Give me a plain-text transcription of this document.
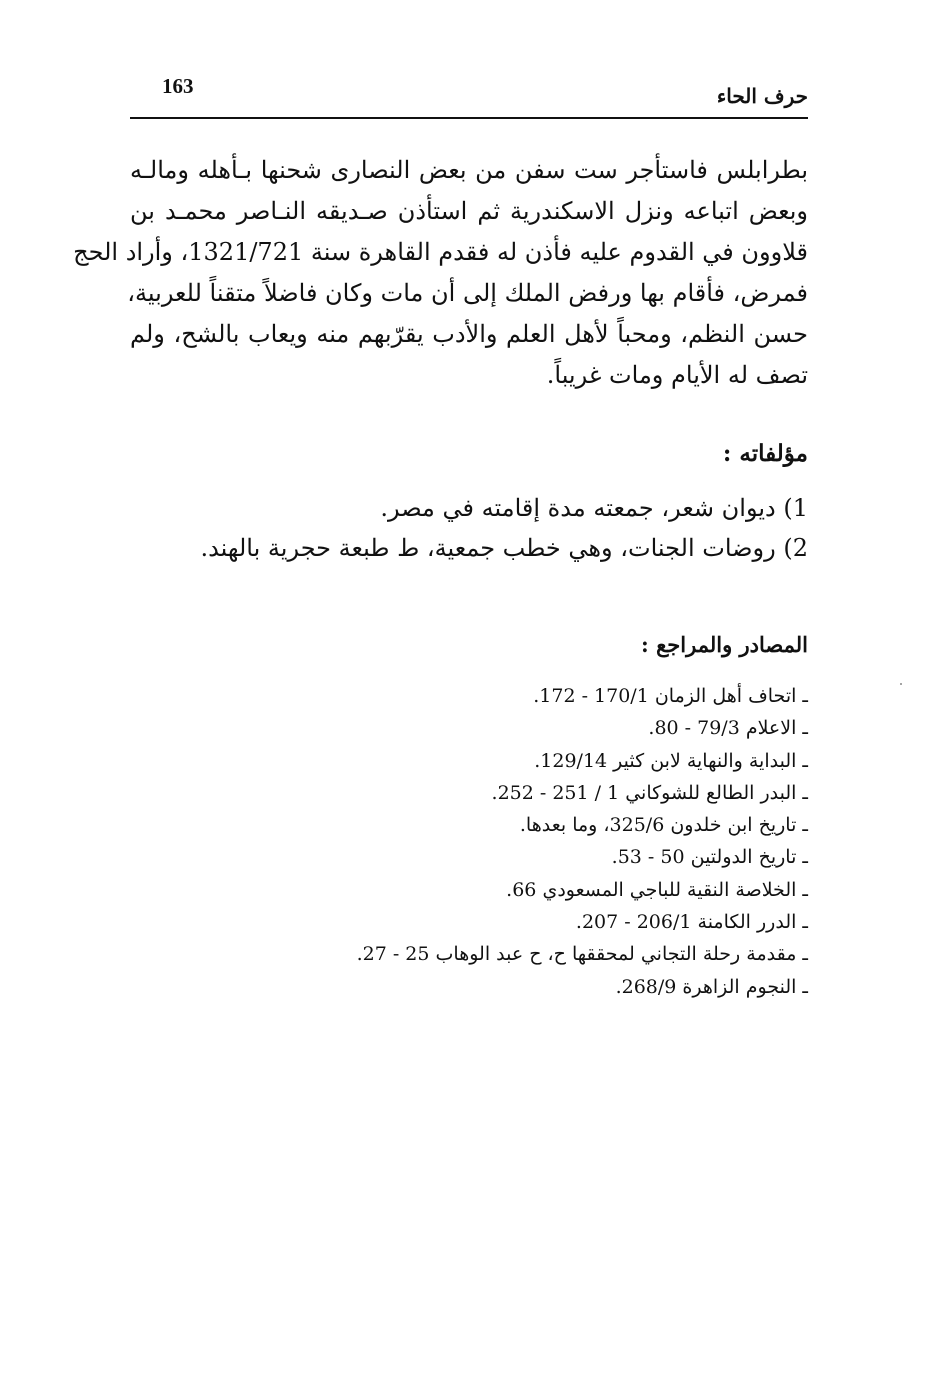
163	حرف الحاء
بطرابلس فاستأجر ست سفن من بعض النصارى شحنها بـأهله ومالـه
وبعض اتباعه ونزل الاسكندرية ثم استأذن صـديقه النـاصر محمـد بن
قلاوون في القدوم عليه فأذن له فقدم القاهرة سنة 1321/721، وأراد الحج
فمرض، فأقام بها ورفض الملك إلى أن مات وكان فاضلاً متقناً للعربية،
حسن النظم، ومحباً لأهل العلم والأدب يقرّبهم منه ويعاب بالشح، ولم
تصف له الأيام ومات غريباً.
مؤلفاته :
1) ديوان شعر، جمعته مدة إقامته في مصر.
2) روضات الجنات، وهي خطب جمعية، ط طبعة حجرية بالهند.
المصادر والمراجع :
ـ اتحاف أهل الزمان 170/1 - 172.
ـ الاعلام 79/3 - 80.
ـ البداية والنهاية لابن كثير 129/14.
ـ البدر الطالع للشوكاني 1 / 251 - 252.
ـ تاريخ ابن خلدون 325/6، وما بعدها.
ـ تاريخ الدولتين 50 - 53.
ـ الخلاصة النقية للباجي المسعودي 66.
ـ الدرر الكامنة 206/1 - 207.
ـ مقدمة رحلة التجاني لمحققها ح، ح عبد الوهاب 25 - 27.
ـ النجوم الزاهرة 268/9.
